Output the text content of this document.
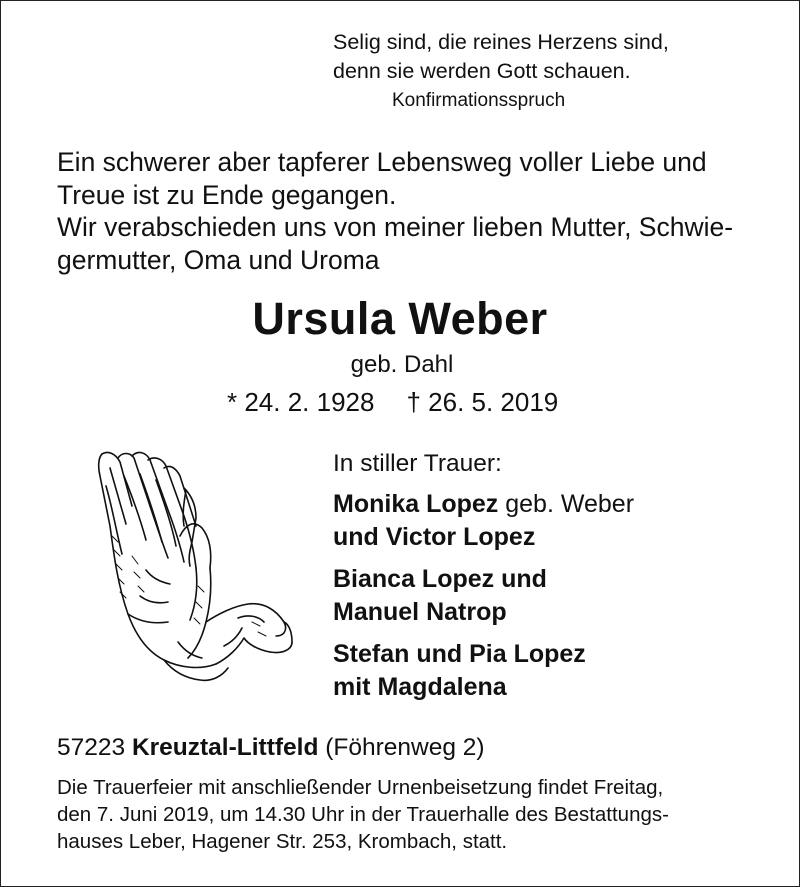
Selig sind, die reines Herzens sind,
denn sie werden Gott schauen.
Konfirmationsspruch
Ein schwerer aber tapferer Lebensweg voller Liebe und
Treue ist zu Ende gegangen.
Wir verabschieden uns von meiner lieben Mutter, Schwie-
germutter, Oma und Uroma
Ursula Weber
geb. Dahl
* 24. 2. 1928 † 26. 5. 2019
In stiller Trauer:
Monika Lopez geb. Weber
und Victor Lopez
Bianca Lopez und
Manuel Natrop
Stefan und Pia Lopez
mit Magdalena
57223 Kreuztal-Littfeld (Föhrenweg 2)
Die Trauerfeier mit anschließender Urnenbeisetzung findet Freitag,
den 7. Juni 2019, um 14.30 Uhr in der Trauerhalle des Bestattungs-
hauses Leber, Hagener Str. 253, Krombach, statt.
